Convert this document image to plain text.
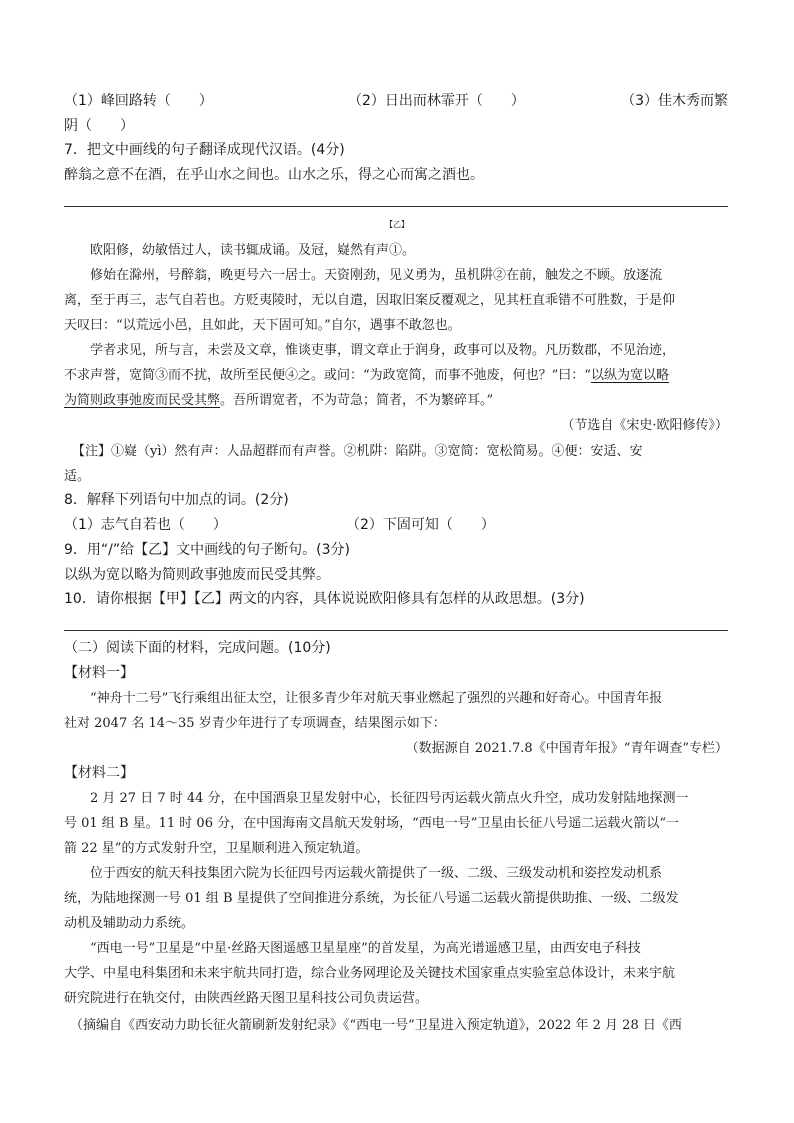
（1）峰回路转（　　）	（2）日出而林霏开（　　）	（3）佳木秀而繁
阴（　　）
7．把文中画线的句子翻译成现代汉语。(4分)
醉翁之意不在酒，在乎山水之间也。山水之乐，得之心而寓之酒也。
【乙】
欧阳修，幼敏悟过人，读书辄成诵。及冠，嶷然有声①。
修始在滁州，号醉翁，晚更号六一居士。天资刚劲，见义勇为，虽机阱②在前，触发之不顾。放逐流
离，至于再三，志气自若也。方贬夷陵时，无以自遣，因取旧案反覆观之，见其枉直乖错不可胜数，于是仰
天叹曰：“以荒远小邑，且如此，天下固可知。”自尔，遇事不敢忽也。
学者求见，所与言，未尝及文章，惟谈吏事，谓文章止于润身，政事可以及物。凡历数郡，不见治迹，
不求声誉，宽简③而不扰，故所至民便④之。或问：“为政宽简，而事不弛废，何也？”曰：“以纵为宽以略
为简则政事弛废而民受其弊。吾所谓宽者，不为苛急；简者，不为繁碎耳。”
（节选自《宋史·欧阳修传》）
【注】①嶷（yì）然有声：人品超群而有声誉。②机阱：陷阱。③宽简：宽松简易。④便：安适、安
适。
8．解释下列语句中加点的词。(2分)
（1）志气自若也（　　）	（2）下固可知（　　）
9．用“/”给【乙】文中画线的句子断句。(3分)
以纵为宽以略为简则政事弛废而民受其弊。
10．请你根据【甲】【乙】两文的内容，具体说说欧阳修具有怎样的从政思想。(3分)
（二）阅读下面的材料，完成问题。(10分)
【材料一】
“神舟十二号”飞行乘组出征太空，让很多青少年对航天事业燃起了强烈的兴趣和好奇心。中国青年报
社对 2047 名 14～35 岁青少年进行了专项调查，结果图示如下：
（数据源自 2021.7.8《中国青年报》“青年调查”专栏）
【材料二】
2 月 27 日 7 时 44 分，在中国酒泉卫星发射中心，长征四号丙运载火箭点火升空，成功发射陆地探测一
号 01 组 B 星。11 时 06 分，在中国海南文昌航天发射场，“西电一号”卫星由长征八号遥二运载火箭以“一
箭 22 星”的方式发射升空，卫星顺利进入预定轨道。
位于西安的航天科技集团六院为长征四号丙运载火箭提供了一级、二级、三级发动机和姿控发动机系
统，为陆地探测一号 01 组 B 星提供了空间推进分系统，为长征八号遥二运载火箭提供助推、一级、二级发
动机及辅助动力系统。
“西电一号”卫星是“中星·丝路天图遥感卫星星座”的首发星，为高光谱遥感卫星，由西安电子科技
大学、中星电科集团和未来宇航共同打造，综合业务网理论及关键技术国家重点实验室总体设计，未来宇航
研究院进行在轨交付，由陕西丝路天图卫星科技公司负责运营。
（摘编自《西安动力助长征火箭刷新发射纪录》《“西电一号”卫星进入预定轨道》，2022 年 2 月 28 日《西
